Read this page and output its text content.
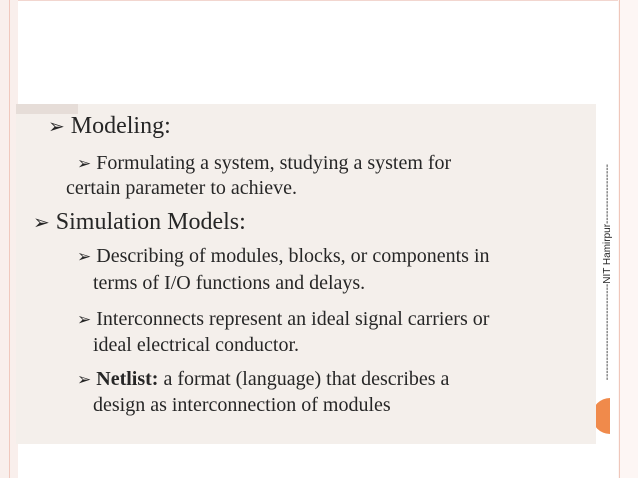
-----------------------------NIT Hamirpur------------------
➢ Modeling:
➢ Formulating a system, studying a system for
certain parameter to achieve.
➢ Simulation Models:
➢ Describing of modules, blocks, or components in
terms of I/O functions and delays.
➢ Interconnects represent an ideal signal carriers or
ideal electrical conductor.
➢ Netlist: a format (language) that describes a
design as interconnection of modules
